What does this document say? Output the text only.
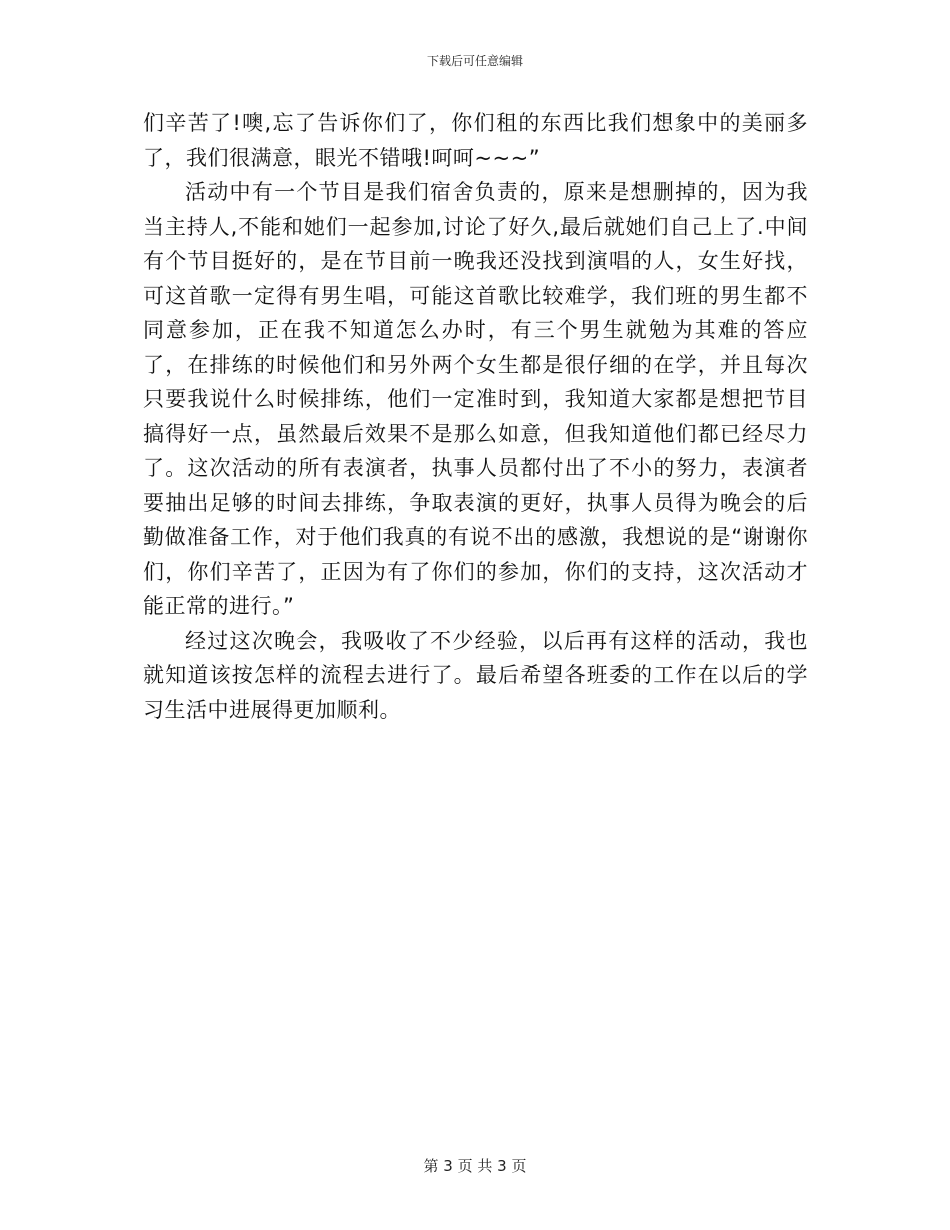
下载后可任意编辑

们辛苦了!噢,忘了告诉你们了，你们租的东西比我们想象中的美丽多了，我们很满意，眼光不错哦!呵呵~~~”

活动中有一个节目是我们宿舍负责的，原来是想删掉的，因为我当主持人,不能和她们一起参加,讨论了好久,最后就她们自己上了.中间有个节目挺好的，是在节目前一晚我还没找到演唱的人，女生好找，可这首歌一定得有男生唱，可能这首歌比较难学，我们班的男生都不同意参加，正在我不知道怎么办时，有三个男生就勉为其难的答应了，在排练的时候他们和另外两个女生都是很仔细的在学，并且每次只要我说什么时候排练，他们一定准时到，我知道大家都是想把节目搞得好一点，虽然最后效果不是那么如意，但我知道他们都已经尽力了。这次活动的所有表演者，执事人员都付出了不小的努力，表演者要抽出足够的时间去排练，争取表演的更好，执事人员得为晚会的后勤做准备工作，对于他们我真的有说不出的感激，我想说的是“谢谢你们，你们辛苦了，正因为有了你们的参加，你们的支持，这次活动才能正常的进行。”

经过这次晚会，我吸收了不少经验，以后再有这样的活动，我也就知道该按怎样的流程去进行了。最后希望各班委的工作在以后的学习生活中进展得更加顺利。

第 3 页 共 3 页
